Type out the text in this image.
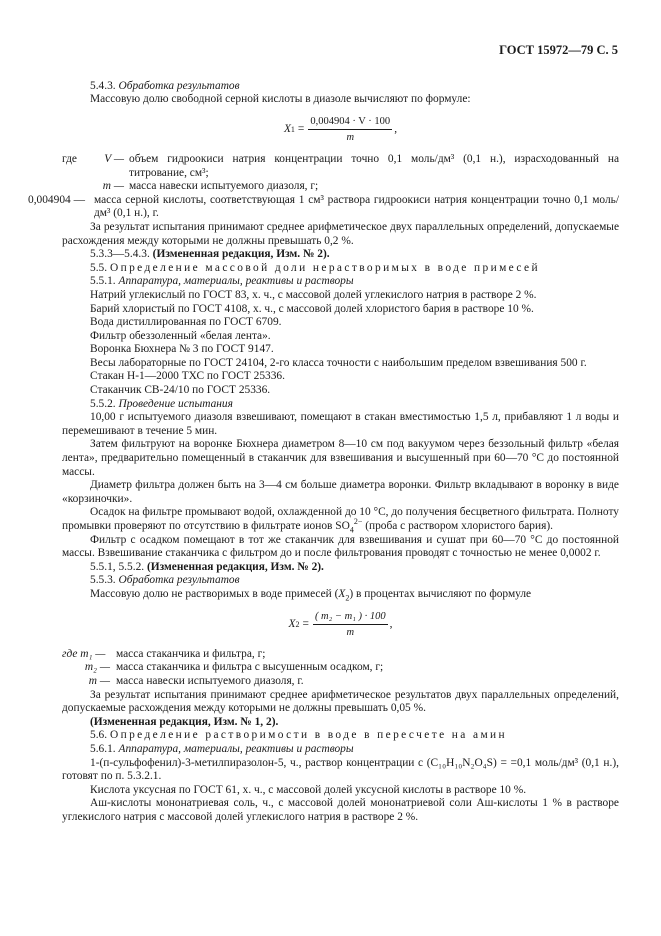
ГОСТ 15972—79 С. 5

5.4.3. Обработка результатов

Массовую долю свободной серной кислоты в диазоле вычисляют по формуле:

X $1 = \frac{0,004904 \cdot V \cdot 100}{m}$ ,
где	V — объем гидроокиси натрия концентрации точно 0,1 моль/дм³ (0,1 н.), израсходованный на титрование, см³;
m — масса навески испытуемого диазоля, г;
0,004904 — масса серной кислоты, соответствующая 1 см³ раствора гидроокиси натрия концентрации точно 0,1 моль/дм³ (0,1 н.), г.

За результат испытания принимают среднее арифметическое двух параллельных определений, допускаемые расхождения между которыми не должны превышать 0,2 %.

5.3.3—5.4.3. (Измененная редакция, Изм. № 2).

5.5. Определение массовой доли нерастворимых в воде примесей

5.5.1. Аппаратура, материалы, реактивы и растворы

Натрий углекислый по ГОСТ 83, х. ч., с массовой долей углекислого натрия в растворе 2 %.

Барий хлористый по ГОСТ 4108, х. ч., с массовой долей хлористого бария в растворе 10 %.

Вода дистиллированная по ГОСТ 6709.

Фильтр обеззоленный «белая лента».

Воронка Бюхнера № 3 по ГОСТ 9147.

Весы лабораторные по ГОСТ 24104, 2-го класса точности с наибольшим пределом взвешивания 500 г.

Стакан Н-1—2000 ТХС по ГОСТ 25336.

Стаканчик СВ-24/10 по ГОСТ 25336.

5.5.2. Проведение испытания

10,00 г испытуемого диазоля взвешивают, помещают в стакан вместимостью 1,5 л, прибавляют 1 л воды и перемешивают в течение 5 мин.

Затем фильтруют на воронке Бюхнера диаметром 8—10 см под вакуумом через беззольный фильтр «белая лента», предварительно помещенный в стаканчик для взвешивания и высушенный при 60—70 °С до постоянной массы.

Диаметр фильтра должен быть на 3—4 см больше диаметра воронки. Фильтр вкладывают в воронку в виде «корзиночки».

Осадок на фильтре промывают водой, охлажденной до 10 °С, до получения бесцветного фильтрата. Полноту промывки проверяют по отсутствию в фильтрате ионов $SO_4^{2-}$ (проба с раствором хлористого бария).

Фильтр с осадком помещают в тот же стаканчик для взвешивания и сушат при 60—70 °С до постоянной массы. Взвешивание стаканчика с фильтром до и после фильтрования проводят с точностью не менее 0,0002 г.

5.5.1, 5.5.2. (Измененная редакция, Изм. № 2).

5.5.3. Обработка результатов

Массовую долю не растворимых в воде примесей $(X_2)$ в процентах вычисляют по формуле

X $2 = \frac{\text{( m₂ − m₁ ) · 100}}{m}$ ,
где m₁ — масса стаканчика и фильтра, г;
m₂ — масса стаканчика и фильтра с высушенным осадком, г;
m — масса навески испытуемого диазоля, г.

За результат испытания принимают среднее арифметическое результатов двух параллельных определений, допускаемые расхождения между которыми не должны превышать 0,05 %.

(Измененная редакция, Изм. № 1, 2).

5.6. Определение растворимости в воде в пересчете на амин

5.6.1. Аппаратура, материалы, реактивы и растворы

1-(п-сульфофенил)-3-метилпиразолон-5, ч., раствор концентрации с (C₁₀H₁₀N₂O₄S) = =0,1 моль/дм³ (0,1 н.), готовят по п. 5.3.2.1.

Кислота уксусная по ГОСТ 61, х. ч., с массовой долей уксусной кислоты в растворе 10 %.

Аш-кислоты мононатриевая соль, ч., с массовой долей мононатриевой соли Аш-кислоты 1 % в растворе углекислого натрия с массовой долей углекислого натрия в растворе 2 %.
